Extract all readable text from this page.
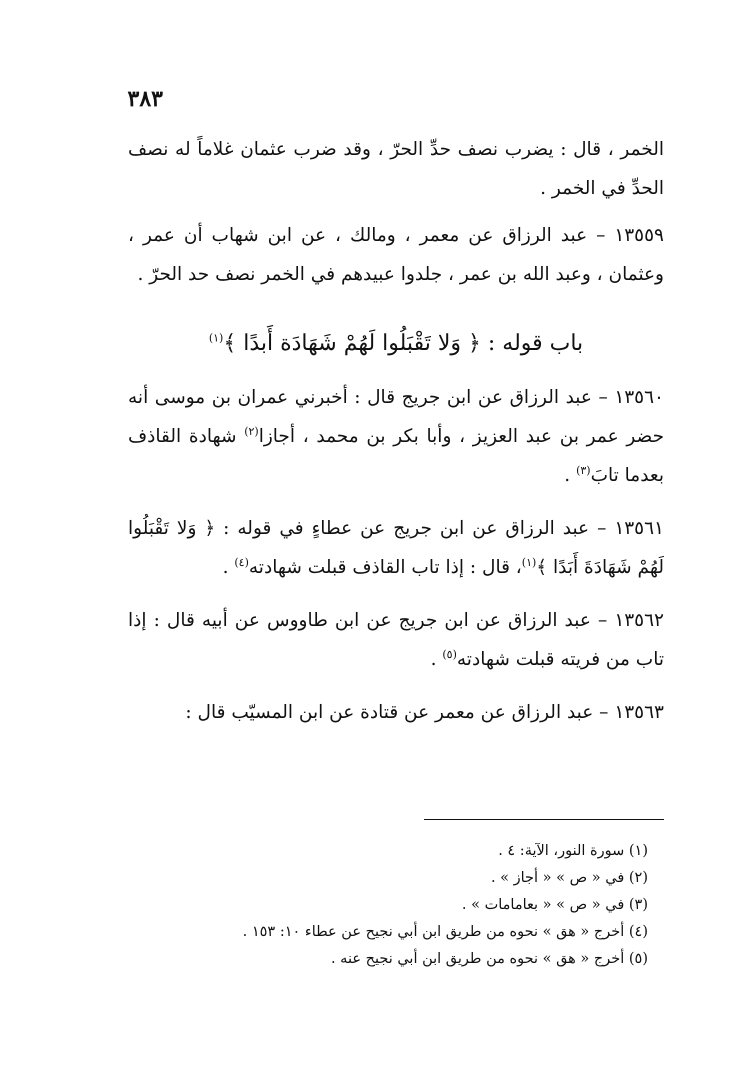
٣٨٣

الخمر ، قال : يضرب نصف حدِّ الحرّ ، وقد ضرب عثمان غلاماً له نصف الحدِّ في الخمر .

١٣٥٥٩ – عبد الرزاق عن معمر ، ومالك ، عن ابن شهاب أن عمر ، وعثمان ، وعبد الله بن عمر ، جلدوا عبيدهم في الخمر نصف حد الحرّ .

باب قوله : ﴿ وَلا تَقْبَلُوا لَهُمْ شَهَادَة أَبدًا ﴾$^{(١)}$

١٣٥٦٠ – عبد الرزاق عن ابن جريج قال : أخبرني عمران بن موسى أنه حضر عمر بن عبد العزيز ، وأبا بكر بن محمد ، أجازا$^{(٢)}$ شهادة القاذف بعدما تابَ$^{(٣)}$ .

١٣٥٦١ – عبد الرزاق عن ابن جريج عن عطاءٍ في قوله : ﴿ وَلا تَقْبَلُوا لَهُمْ شَهَادَةَ أَبَدًا ﴾$^{(١)}$، قال : إذا تاب القاذف قبلت شهادته$^{(٤)}$ .

١٣٥٦٢ – عبد الرزاق عن ابن جريج عن ابن طاووس عن أبيه قال : إذا تاب من فريته قبلت شهادته$^{(٥)}$ .

١٣٥٦٣ – عبد الرزاق عن معمر عن قتادة عن ابن المسيّب قال :

(١) سورة النور، الآية: ٤ .
(٢) في « ص » « أجاز » .
(٣) في « ص » « بعامامات » .
(٤) أخرج « هق » نحوه من طريق ابن أبي نجيح عن عطاء ١٠: ١٥٣ .
(٥) أخرج « هق » نحوه من طريق ابن أبي نجيح عنه .
